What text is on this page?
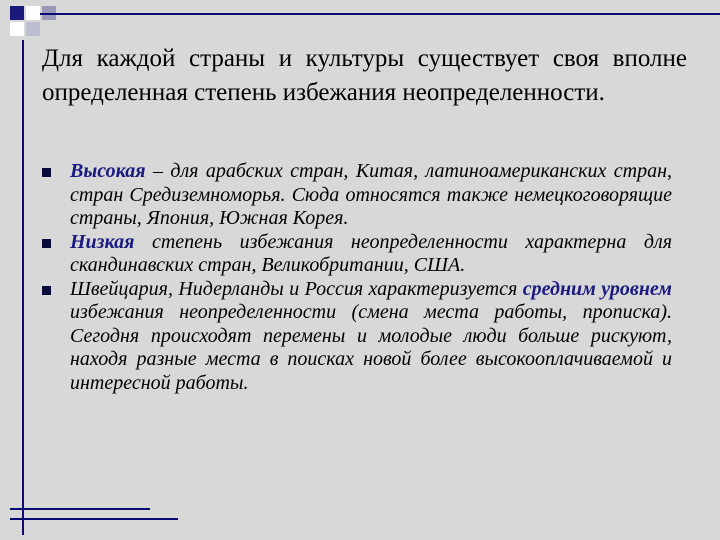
Для каждой страны и культуры существует своя вполне определенная степень избежания неопределенности.
Высокая – для арабских стран, Китая, латиноамериканских стран, стран Средиземноморья. Сюда относятся также немецкоговорящие страны, Япония, Южная Корея.
Низкая степень избежания неопределенности характерна для скандинавских стран, Великобритании, США.
Швейцария, Нидерланды и Россия характеризуется средним уровнем избежания неопределенности (смена места работы, прописка). Сегодня происходят перемены и молодые люди больше рискуют, находя разные места в поисках новой более высокооплачиваемой и интересной работы.
